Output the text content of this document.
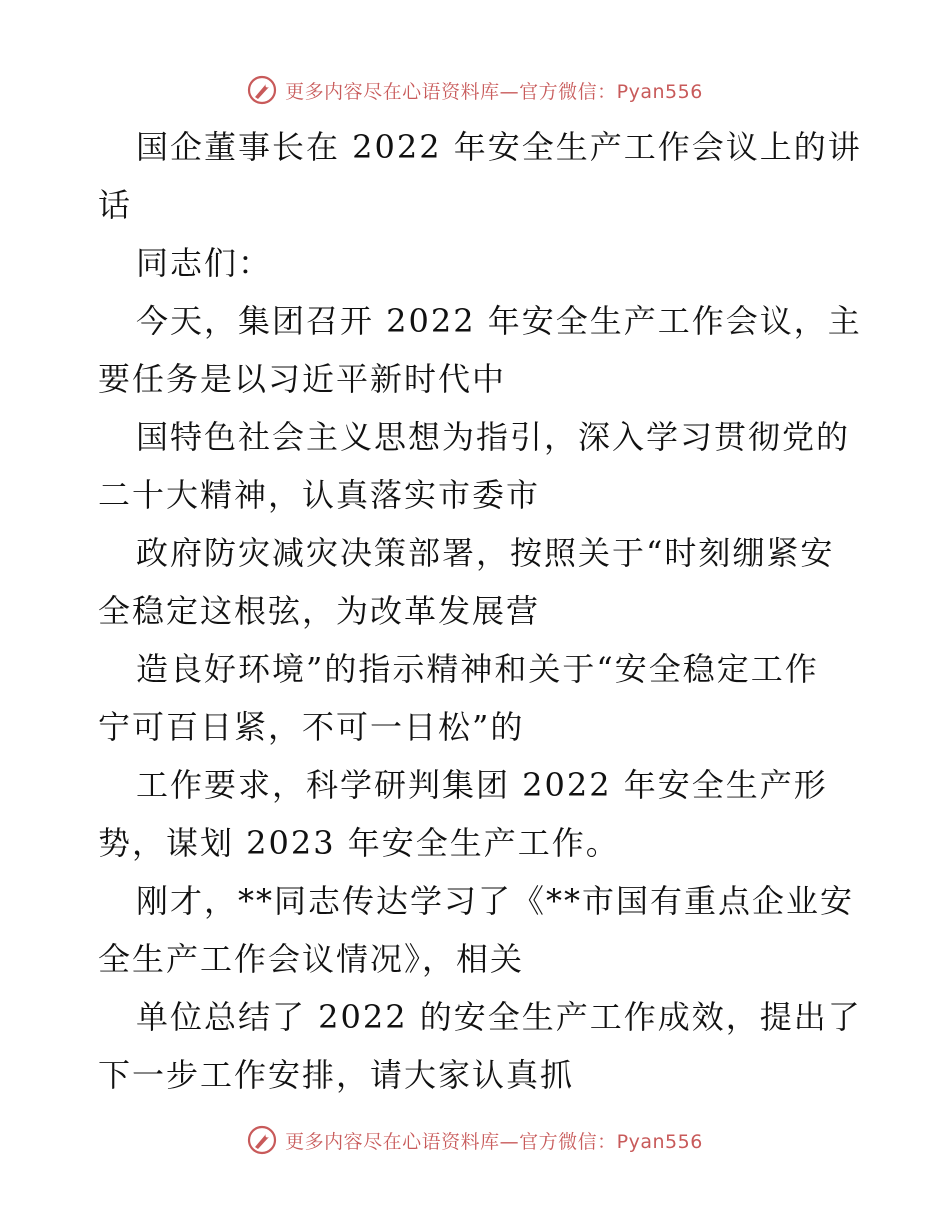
更多内容尽在心语资料库—官方微信：Pyan556
国企董事长在 2022 年安全生产工作会议上的讲
话
同志们：
今天，集团召开 2022 年安全生产工作会议，主
要任务是以习近平新时代中
国特色社会主义思想为指引，深入学习贯彻党的
二十大精神，认真落实市委市
政府防灾减灾决策部署，按照关于“时刻绷紧安
全稳定这根弦，为改革发展营
造良好环境”的指示精神和关于“安全稳定工作
宁可百日紧，不可一日松”的
工作要求，科学研判集团 2022 年安全生产形
势，谋划 2023 年安全生产工作。
刚才，**同志传达学习了《**市国有重点企业安
全生产工作会议情况》，相关
单位总结了 2022 的安全生产工作成效，提出了
下一步工作安排，请大家认真抓
更多内容尽在心语资料库—官方微信：Pyan556
